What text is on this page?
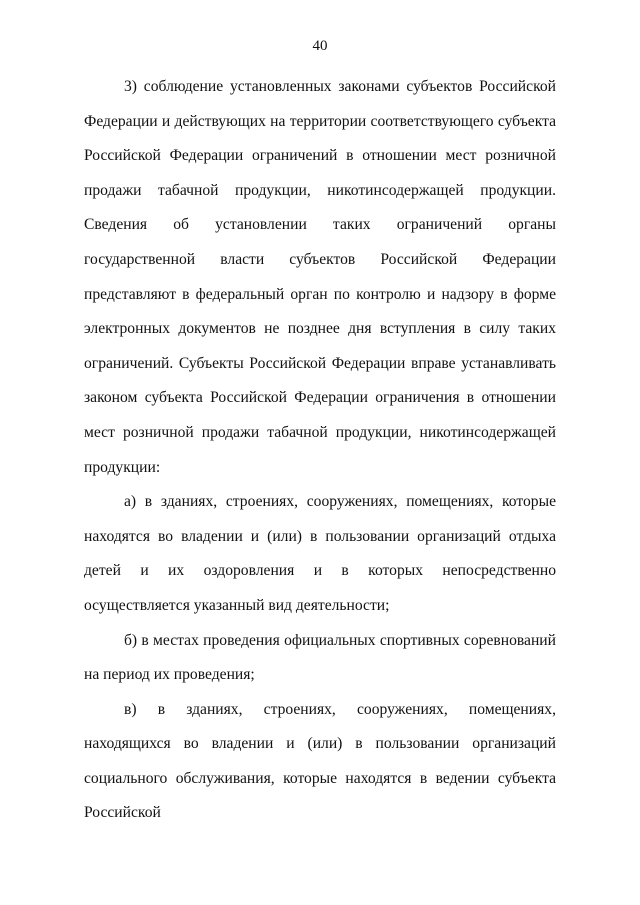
40

3) соблюдение установленных законами субъектов Российской Федерации и действующих на территории соответствующего субъекта Российской Федерации ограничений в отношении мест розничной продажи табачной продукции, никотинсодержащей продукции. Сведения об установлении таких ограничений органы государственной власти субъектов Российской Федерации представляют в федеральный орган по контролю и надзору в форме электронных документов не позднее дня вступления в силу таких ограничений. Субъекты Российской Федерации вправе устанавливать законом субъекта Российской Федерации ограничения в отношении мест розничной продажи табачной продукции, никотинсодержащей продукции:

а) в зданиях, строениях, сооружениях, помещениях, которые находятся во владении и (или) в пользовании организаций отдыха детей и их оздоровления и в которых непосредственно осуществляется указанный вид деятельности;

б) в местах проведения официальных спортивных соревнований на период их проведения;

в) в зданиях, строениях, сооружениях, помещениях, находящихся во владении и (или) в пользовании организаций социального обслуживания, которые находятся в ведении субъекта Российской
